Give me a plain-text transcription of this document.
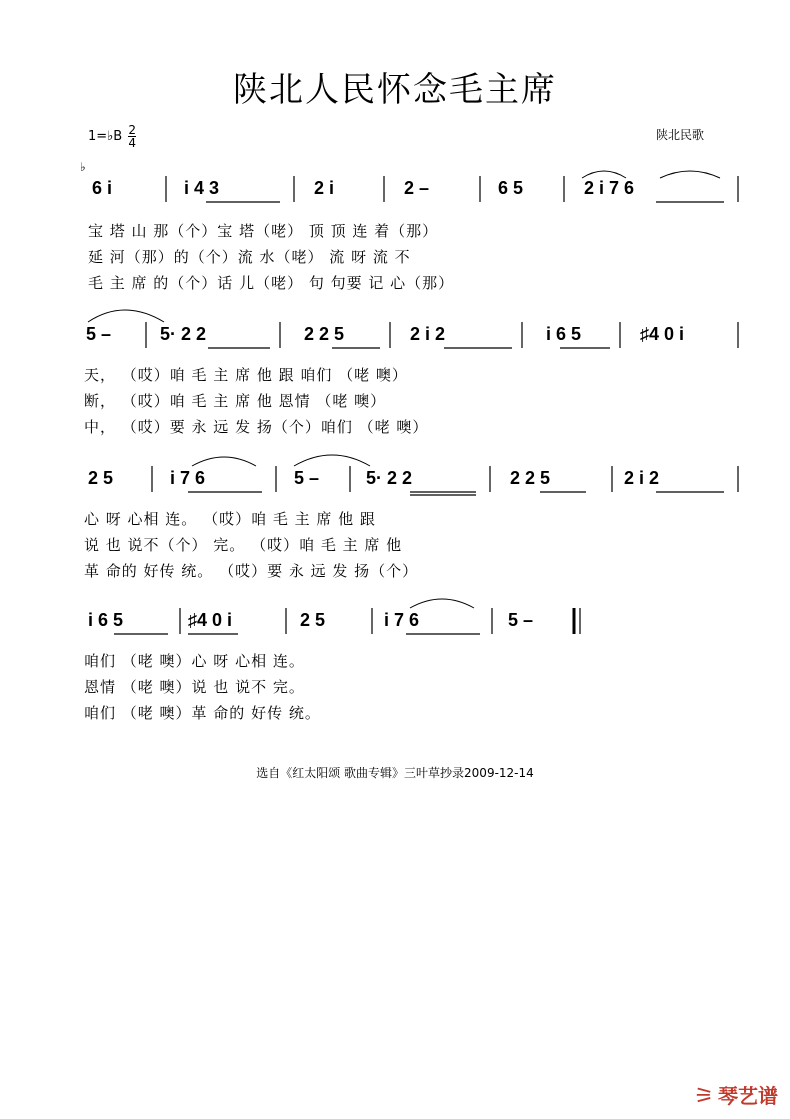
陕北人民怀念毛主席
1=♭B $\frac{2}{4}$
♭
陕北民歌
6 i	i 4 3	2 i	2 –	6 5	2 i 7 6
宝 塔 山 那（个）宝 塔（咾） 顶 顶 连 着（那）
延 河（那）的（个）流 水（咾） 流 呀 流 不
毛 主 席 的（个）话 儿（咾） 句 句要 记 心（那）
5 –	5· 2 2	2 2 5	2 i 2	i 6 5	♯4 0 i
天， （哎）咱 毛 主 席 他 跟 咱们 （咾 噢）
断， （哎）咱 毛 主 席 他 恩情 （咾 噢）
中， （哎）要 永 远 发 扬（个）咱们 （咾 噢）
2 5	i 7 6	5 –	5· 2 2	2 2 5	2 i 2
心 呀 心相 连。 （哎）咱 毛 主 席 他 跟
说 也 说不（个） 完。 （哎）咱 毛 主 席 他
革 命的 好传 统。 （哎）要 永 远 发 扬（个）
i 6 5	♯4 0 i	2 5	i 7 6	5 –
咱们 （咾 噢）心 呀 心相 连。
恩情 （咾 噢）说 也 说不 完。
咱们 （咾 噢）革 命的 好传 统。
选自《红太阳颂 歌曲专辑》三叶草抄录2009-12-14
⚞ 琴艺谱
